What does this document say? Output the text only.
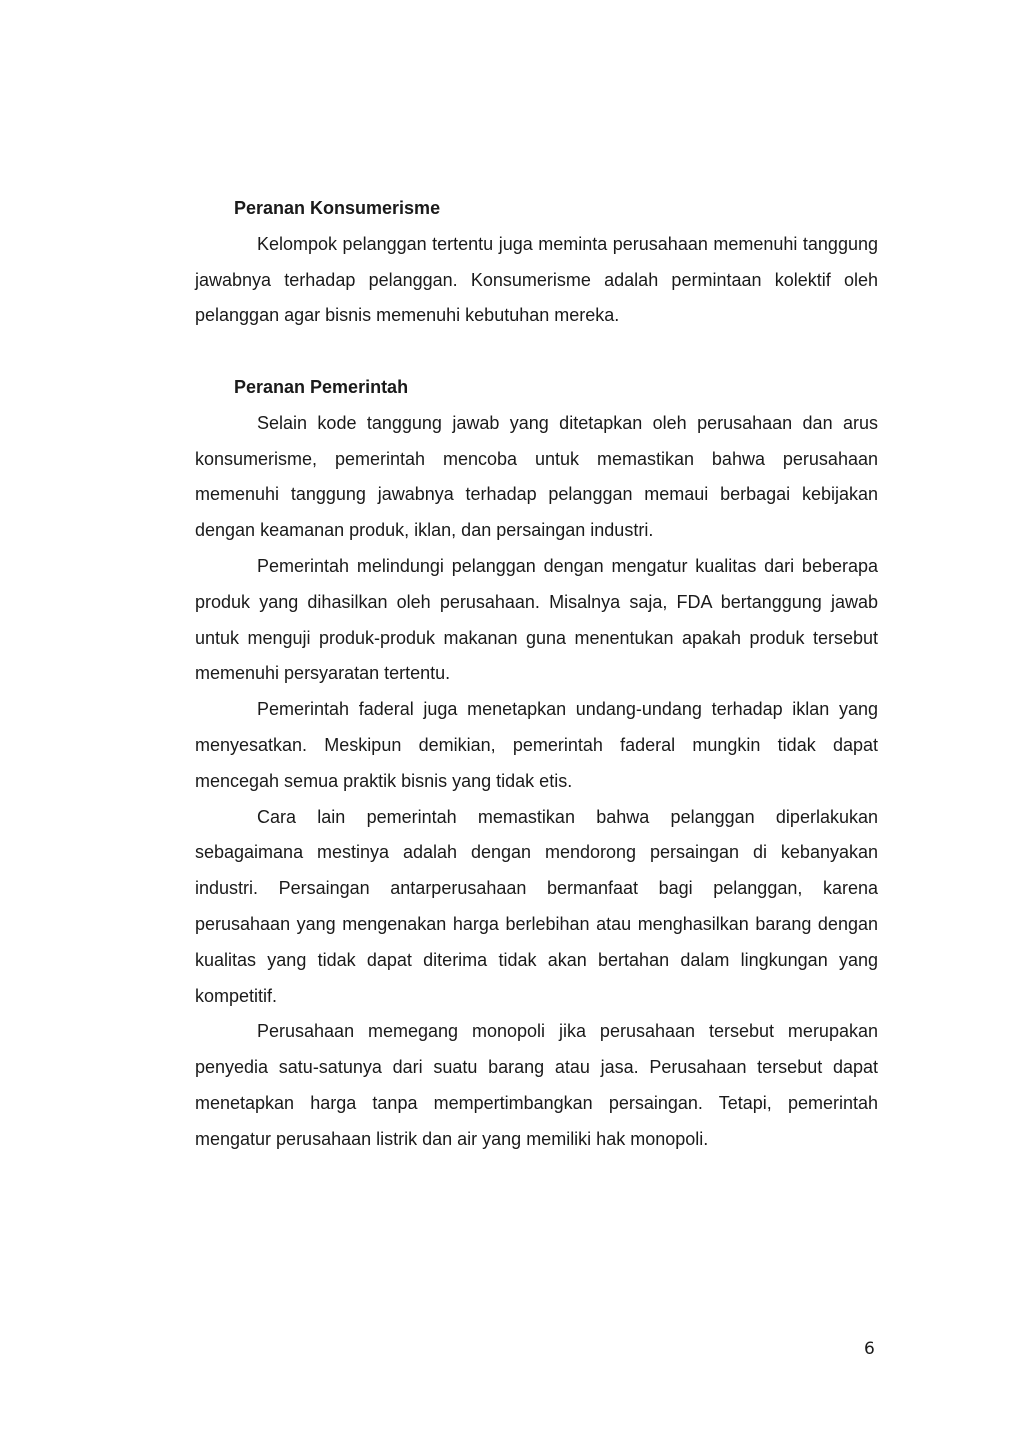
Peranan Konsumerisme

Kelompok pelanggan tertentu juga meminta perusahaan memenuhi tanggung jawabnya terhadap pelanggan. Konsumerisme adalah permintaan kolektif oleh pelanggan agar bisnis memenuhi kebutuhan mereka.

Peranan Pemerintah

Selain kode tanggung jawab yang ditetapkan oleh perusahaan dan arus konsumerisme, pemerintah mencoba untuk memastikan bahwa perusahaan memenuhi tanggung jawabnya terhadap pelanggan memaui berbagai kebijakan dengan keamanan produk, iklan, dan persaingan industri.

Pemerintah melindungi pelanggan dengan mengatur kualitas dari beberapa produk yang dihasilkan oleh perusahaan. Misalnya saja, FDA bertanggung jawab untuk menguji produk-produk makanan guna menentukan apakah produk tersebut memenuhi persyaratan tertentu.

Pemerintah faderal juga menetapkan undang-undang terhadap iklan yang menyesatkan. Meskipun demikian, pemerintah faderal mungkin tidak dapat mencegah semua praktik bisnis yang tidak etis.

Cara lain pemerintah memastikan bahwa pelanggan diperlakukan sebagaimana mestinya adalah dengan mendorong persaingan di kebanyakan industri. Persaingan antarperusahaan bermanfaat bagi pelanggan, karena perusahaan yang mengenakan harga berlebihan atau menghasilkan barang dengan kualitas yang tidak dapat diterima tidak akan bertahan dalam lingkungan yang kompetitif.

Perusahaan memegang monopoli jika perusahaan tersebut merupakan penyedia satu-satunya dari suatu barang atau jasa. Perusahaan tersebut dapat menetapkan harga tanpa mempertimbangkan persaingan. Tetapi, pemerintah mengatur perusahaan listrik dan air yang memiliki hak monopoli.

6
